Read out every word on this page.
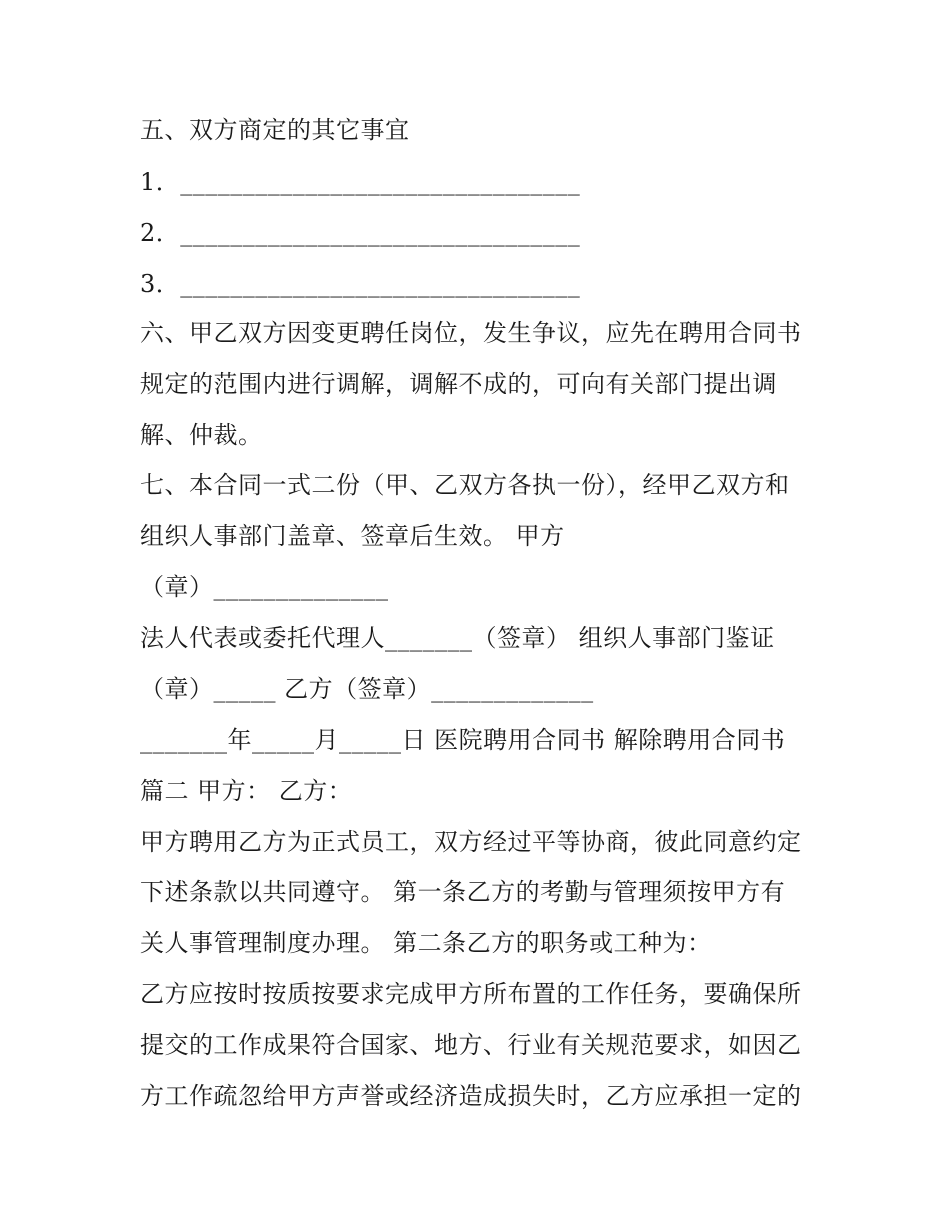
五、双方商定的其它事宜
1．________________________________
2．________________________________
3．________________________________
六、甲乙双方因变更聘任岗位，发生争议，应先在聘用合同书
规定的范围内进行调解，调解不成的，可向有关部门提出调
解、仲裁。
七、本合同一式二份（甲、乙双方各执一份），经甲乙双方和
组织人事部门盖章、签章后生效。 甲方
（章）______________
法人代表或委托代理人_______（签章） 组织人事部门鉴证
（章）_____ 乙方（签章）_____________
_______年_____月_____日 医院聘用合同书 解除聘用合同书
篇二 甲方： 乙方：
甲方聘用乙方为正式员工，双方经过平等协商，彼此同意约定
下述条款以共同遵守。 第一条乙方的考勤与管理须按甲方有
关人事管理制度办理。 第二条乙方的职务或工种为：
乙方应按时按质按要求完成甲方所布置的工作任务，要确保所
提交的工作成果符合国家、地方、行业有关规范要求，如因乙
方工作疏忽给甲方声誉或经济造成损失时，乙方应承担一定的
